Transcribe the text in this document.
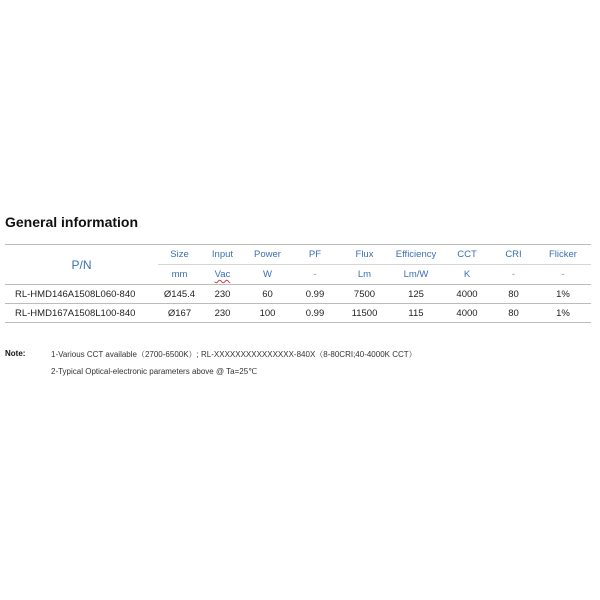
General information
P/N	Size	Input	Power	PF	Flux	Efficiency	CCT	CRI	Flicker
	mm	Vac	W	-	Lm	Lm/W	K	-	-
RL-HMD146A1508L060-840	Ø145.4	230	60	0.99	7500	125	4000	80	1%
RL-HMD167A1508L100-840	Ø167	230	100	0.99	11500	115	4000	80	1%
Note:	1-Various CCT available（2700-6500K）; RL-XXXXXXXXXXXXXXX-840X（8-80CRI;40-4000K CCT）
2-Typical Optical-electronic parameters above @ Ta=25℃
